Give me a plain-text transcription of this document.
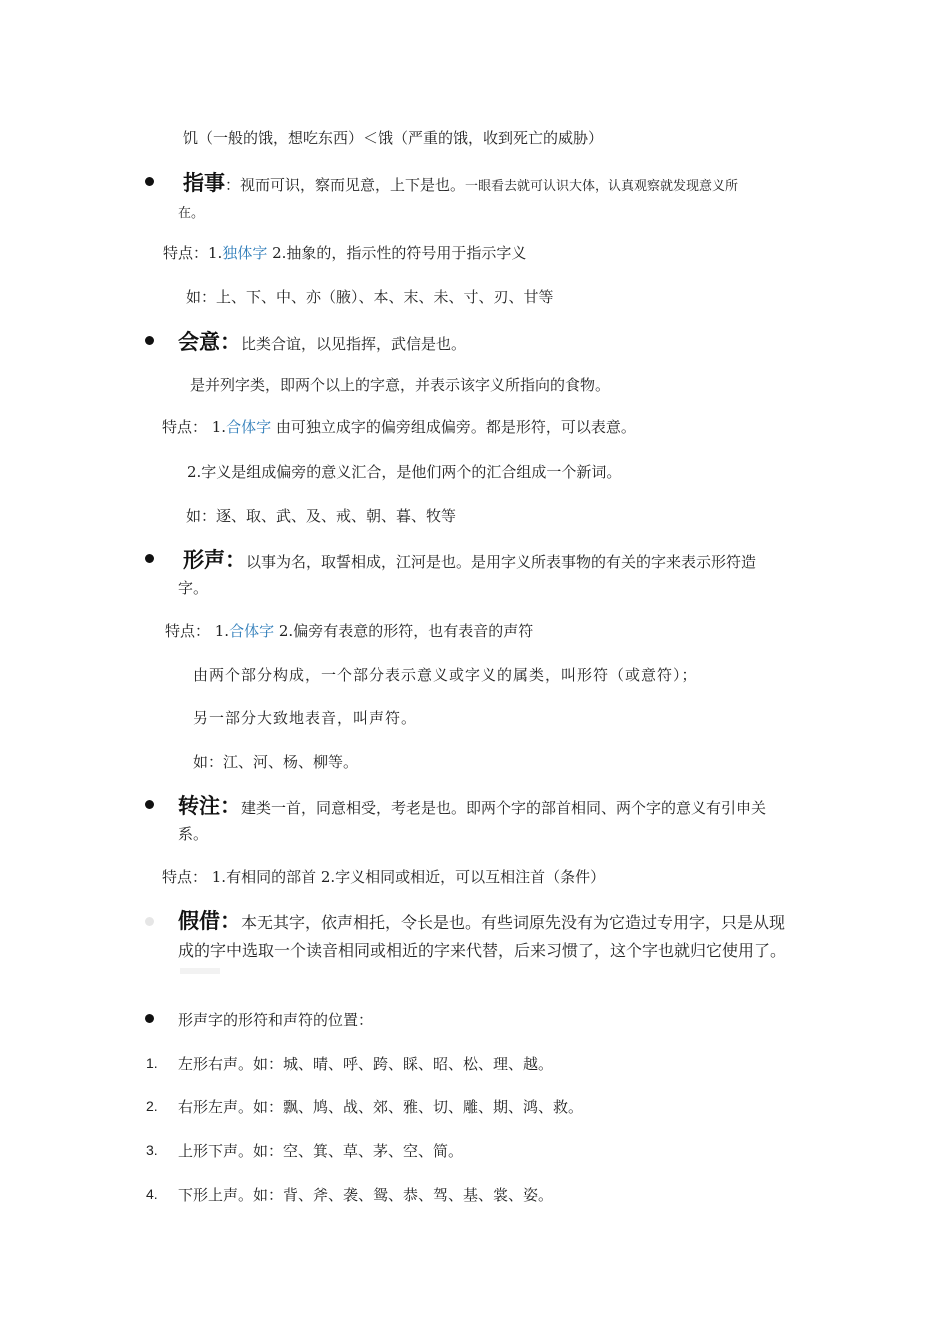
饥（一般的饿，想吃东西）＜饿（严重的饿，收到死亡的威胁）
指事：视而可识，察而见意，上下是也。一眼看去就可认识大体，认真观察就发现意义所
在。
特点：1.独体字 2.抽象的，指示性的符号用于指示字义
如：上、下、中、亦（腋）、本、末、未、寸、刃、甘等
会意：比类合谊，以见指挥，武信是也。
是并列字类，即两个以上的字意，并表示该字义所指向的食物。
特点： 1.合体字 由可独立成字的偏旁组成偏旁。都是形符，可以表意。
2.字义是组成偏旁的意义汇合，是他们两个的汇合组成一个新词。
如：逐、取、武、及、戒、朝、暮、牧等
形声：以事为名，取誓相成，江河是也。是用字义所表事物的有关的字来表示形符造
字。
特点： 1.合体字 2.偏旁有表意的形符，也有表音的声符
由两个部分构成，一个部分表示意义或字义的属类，叫形符（或意符）；
另一部分大致地表音，叫声符。
如：江、河、杨、柳等。
转注：建类一首，同意相受，考老是也。即两个字的部首相同、两个字的意义有引申关
系。
特点： 1.有相同的部首 2.字义相同或相近，可以互相注首（条件）
假借：本无其字，依声相托，令长是也。有些词原先没有为它造过专用字，只是从现
成的字中选取一个读音相同或相近的字来代替，后来习惯了，这个字也就归它使用了。
形声字的形符和声符的位置：
1. 左形右声。如：城、晴、呼、跨、睬、昭、松、理、越。
2. 右形左声。如：飘、鸠、战、郊、雅、切、雕、期、鸿、救。
3. 上形下声。如：空、箕、草、茅、空、简。
4. 下形上声。如：背、斧、袭、鸳、恭、驾、基、裳、姿。
